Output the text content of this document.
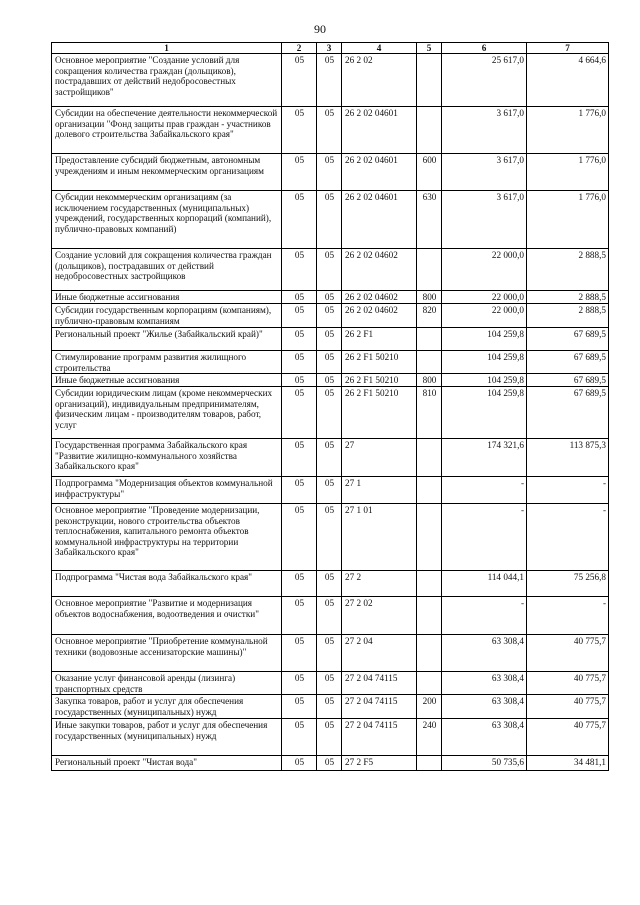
90
1	2	3	4	5	6	7
Основное мероприятие "Создание условий для сокращения количества граждан (дольщиков), пострадавших от действий недобросовестных застройщиков"	05	05	26 2 02		25 617,0	4 664,6
Субсидии на обеспечение деятельности некоммерческой организации "Фонд защиты прав граждан - участников долевого строительства Забайкальского края"	05	05	26 2 02 04601		3 617,0	1 776,0
Предоставление субсидий бюджетным, автономным учреждениям и иным некоммерческим организациям	05	05	26 2 02 04601	600	3 617,0	1 776,0
Субсидии некоммерческим организациям (за исключением государственных (муниципальных) учреждений, государственных корпораций (компаний), публично-правовых компаний)	05	05	26 2 02 04601	630	3 617,0	1 776,0
Создание условий для сокращения количества граждан (дольщиков), пострадавших от действий недобросовестных застройщиков	05	05	26 2 02 04602		22 000,0	2 888,5
Иные бюджетные ассигнования	05	05	26 2 02 04602	800	22 000,0	2 888,5
Субсидии государственным корпорациям (компаниям), публично-правовым компаниям	05	05	26 2 02 04602	820	22 000,0	2 888,5
Региональный проект "Жилье (Забайкальский край)"	05	05	26 2 F1		104 259,8	67 689,5
Стимулирование программ развития жилищного строительства	05	05	26 2 F1 50210		104 259,8	67 689,5
Иные бюджетные ассигнования	05	05	26 2 F1 50210	800	104 259,8	67 689,5
Субсидии юридическим лицам (кроме некоммерческих организаций), индивидуальным предпринимателям, физическим лицам - производителям товаров, работ, услуг	05	05	26 2 F1 50210	810	104 259,8	67 689,5
Государственная программа Забайкальского края "Развитие жилищно-коммунального хозяйства Забайкальского края"	05	05	27		174 321,6	113 875,3
Подпрограмма "Модернизация объектов коммунальной инфраструктуры"	05	05	27 1		-	-
Основное мероприятие "Проведение модернизации, реконструкции, нового строительства объектов теплоснабжения, капитального ремонта объектов коммунальной инфраструктуры на территории Забайкальского края"	05	05	27 1 01		-	-
Подпрограмма "Чистая вода Забайкальского края"	05	05	27 2		114 044,1	75 256,8
Основное мероприятие "Развитие и модернизация объектов водоснабжения, водоотведения и очистки"	05	05	27 2 02		-	-
Основное мероприятие "Приобретение коммунальной техники (водовозные ассенизаторские машины)"	05	05	27 2 04		63 308,4	40 775,7
Оказание услуг финансовой аренды (лизинга) транспортных средств	05	05	27 2 04 74115		63 308,4	40 775,7
Закупка товаров, работ и услуг для обеспечения государственных (муниципальных) нужд	05	05	27 2 04 74115	200	63 308,4	40 775,7
Иные закупки товаров, работ и услуг для обеспечения государственных (муниципальных) нужд	05	05	27 2 04 74115	240	63 308,4	40 775,7
Региональный проект "Чистая вода"	05	05	27 2 F5		50 735,6	34 481,1
